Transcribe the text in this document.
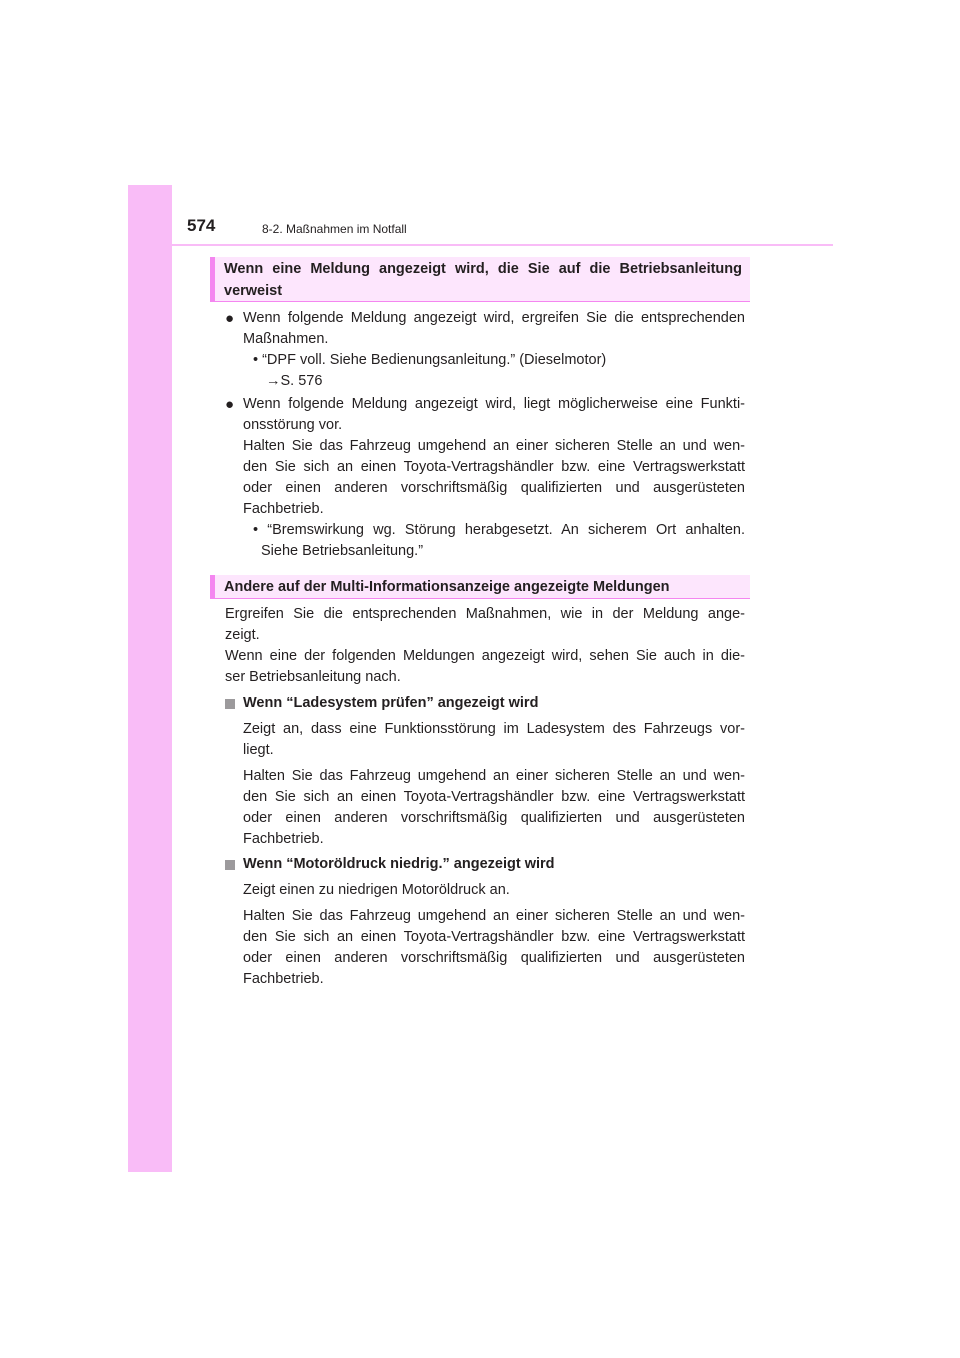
574	8-2. Maßnahmen im Notfall
Wenn eine Meldung angezeigt wird, die Sie auf die Betriebsanleitung
verweist
● Wenn folgende Meldung angezeigt wird, ergreifen Sie die entsprechenden
Maßnahmen.
• “DPF voll. Siehe Bedienungsanleitung.” (Dieselmotor)
→S. 576
● Wenn folgende Meldung angezeigt wird, liegt möglicherweise eine Funkti-
onsstörung vor.
Halten Sie das Fahrzeug umgehend an einer sicheren Stelle an und wen-
den Sie sich an einen Toyota-Vertragshändler bzw. eine Vertragswerkstatt
oder einen anderen vorschriftsmäßig qualifizierten und ausgerüsteten
Fachbetrieb.
• “Bremswirkung wg. Störung herabgesetzt. An sicherem Ort anhalten.
Siehe Betriebsanleitung.”
Andere auf der Multi-Informationsanzeige angezeigte Meldungen
Ergreifen Sie die entsprechenden Maßnahmen, wie in der Meldung ange-
zeigt.
Wenn eine der folgenden Meldungen angezeigt wird, sehen Sie auch in die-
ser Betriebsanleitung nach.
Wenn “Ladesystem prüfen” angezeigt wird
Zeigt an, dass eine Funktionsstörung im Ladesystem des Fahrzeugs vor-
liegt.
Halten Sie das Fahrzeug umgehend an einer sicheren Stelle an und wen-
den Sie sich an einen Toyota-Vertragshändler bzw. eine Vertragswerkstatt
oder einen anderen vorschriftsmäßig qualifizierten und ausgerüsteten
Fachbetrieb.
Wenn “Motoröldruck niedrig.” angezeigt wird
Zeigt einen zu niedrigen Motoröldruck an.
Halten Sie das Fahrzeug umgehend an einer sicheren Stelle an und wen-
den Sie sich an einen Toyota-Vertragshändler bzw. eine Vertragswerkstatt
oder einen anderen vorschriftsmäßig qualifizierten und ausgerüsteten
Fachbetrieb.
